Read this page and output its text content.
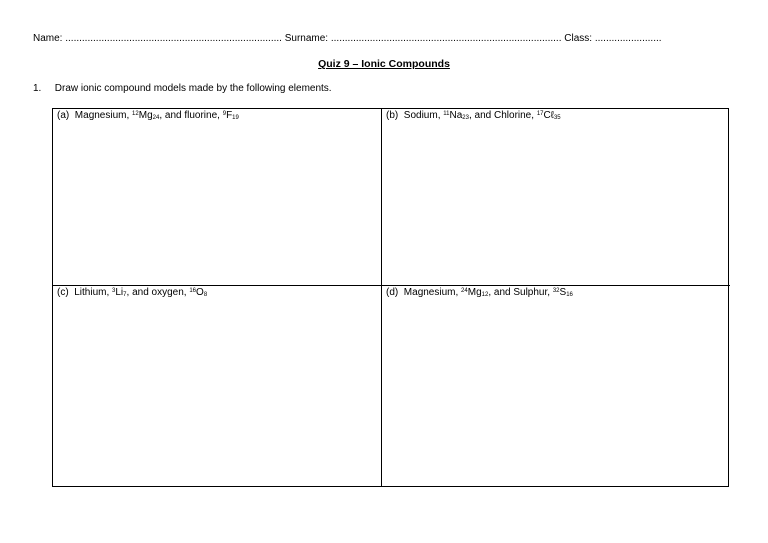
Name: .............................................................................. Surname: ................................................................................... Class: ........................
Quiz 9 – Ionic Compounds
1. Draw ionic compound models made by the following elements.
(a) Magnesium, $^{12}Mg_{24}$, and fluorine, $^9F_{19}$	(b) Sodium, $^{11}Na_{23}$, and Chlorine, $^{17}$Cℓ$_{35}$
(c) Lithium, $^3Li_7$, and oxygen, $^{16}O_8$	(d) Magnesium, $^{24}Mg_{12}$, and Sulphur, $^{32}S_{16}$
